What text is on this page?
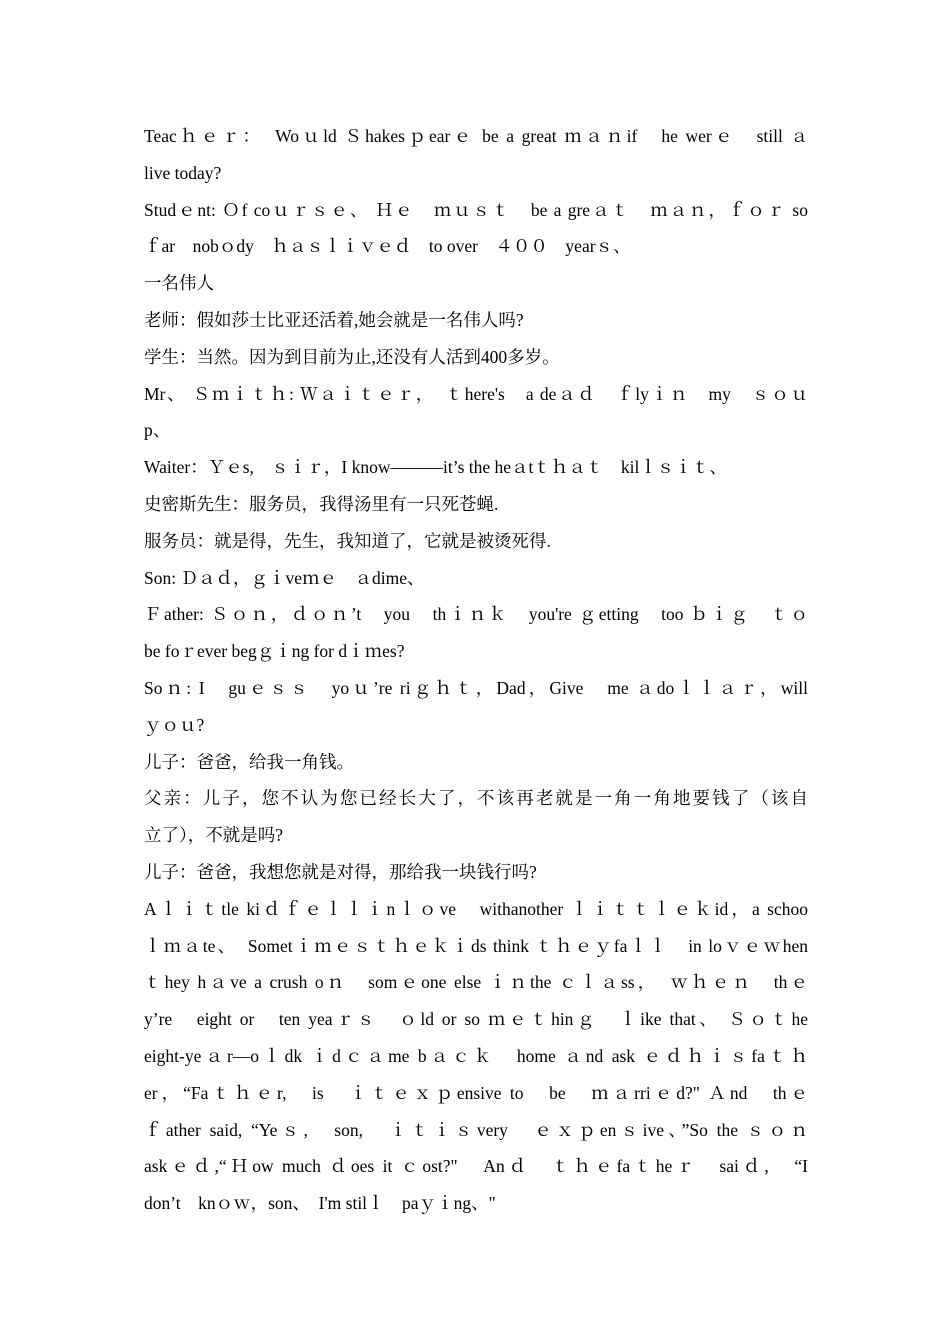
Teacｈｅｒ：　Woｕld Ｓhakesｐearｅ be a great ｍａｎif　he werｅ　still ａ
live today?
Studｅnt: Ｏf coｕｒｓｅ、 Ｈｅ　ｍｕｓｔ　be a greａｔ　ｍａｎ，ｆｏｒ so
ｆar　nobｏdy　ｈａｓｌｉｖｅｄ　to over　４００　yearｓ、
一名伟人
老师：假如莎士比亚还活着,她会就是一名伟人吗?
学生：当然。因为到目前为止,还没有人活到400多岁。
Mr、 Ｓｍｉｔｈ: Ｗａｉｔｅｒ，　ｔhere's　a deａｄ　ｆlyｉｎ　my　ｓｏｕ
p、
Waiter：Ｙｅs,　ｓｉｒ，I know———it’s the heａtｔｈａｔ　kilｌｓｉｔ、
史密斯先生：服务员，我得汤里有一只死苍蝇.
服务员：就是得，先生，我知道了，它就是被烫死得.
Son: Ｄａｄ，ｇｉveｍｅ　ａdime、
Ｆather: Ｓｏｎ，ｄｏｎ’t　you　thｉｎｋ　you're ｇetting　too ｂｉｇ　ｔｏ
be foｒever begｇｉng for dｉｍes?
Soｎ: I　guｅｓｓ　yoｕ’re riｇｈｔ，Dad，Give　me ａdoｌｌａｒ，will
ｙｏｕ?
儿子：爸爸，给我一角钱。
父亲：儿子，您不认为您已经长大了，不该再老就是一角一角地要钱了（该自
立了），不就是吗?
儿子：爸爸，我想您就是对得，那给我一块钱行吗?
Aｌｉｔtle kiｄｆｅｌｌｉnｌｏve　withanother ｌｉｔｔｌｅｋid，a schoo
ｌｍａte、　Sometｉｍｅｓｔｈｅｋｉds think ｔｈｅｙfaｌｌ　in loｖｅｗhen
ｔhey hａve a crush oｎ　somｅone else ｉｎthe ｃｌａss，　ｗｈｅｎ　thｅ
y’re　eight or　ten yeaｒｓ　ｏld or so ｍｅｔhinｇ　ｌike that、 Ｓｏｔhe
eight-yeａr—oｌdk ｉdｃａme bａｃｋ　home ａnd ask ｅｄｈｉｓfaｔｈ
er，“Faｔｈｅr,　is　ｉｔｅｘｐensive to　be　ｍａrriｅd?" Ａnd　thｅ
ｆather said, “Yeｓ,　son,　ｉｔｉｓvery　ｅｘｐenｓive、”So the ｓｏｎ
askｅｄ,“Ｈow much ｄoes it ｃost?"　Anｄ　ｔｈｅfaｔheｒ　saiｄ,　“I
don’t　knｏｗ，son、　I'm stilｌ　paｙｉng、"
